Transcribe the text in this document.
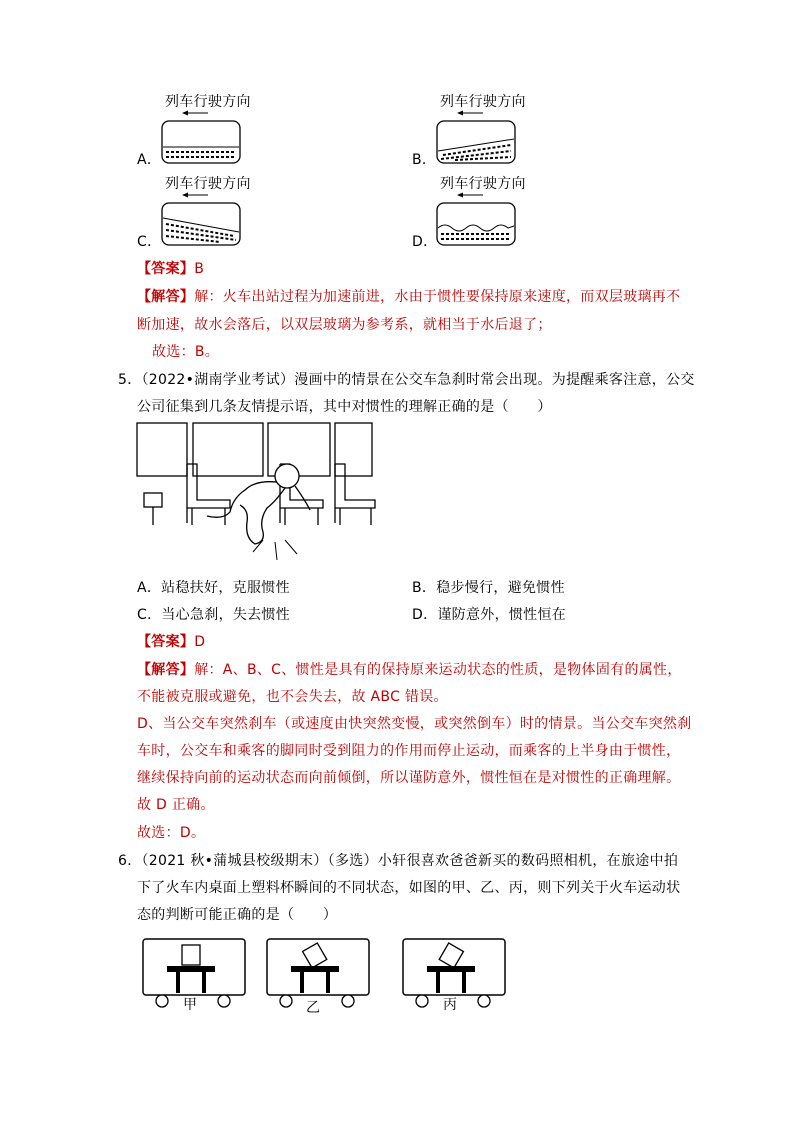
A．
列车行驶方向
B．
列车行驶方向
C．
列车行驶方向
D．
列车行驶方向
【答案】B
【解答】解：火车出站过程为加速前进，水由于惯性要保持原来速度，而双层玻璃再不
断加速，故水会落后，以双层玻璃为参考系，就相当于水后退了；
故选：B。
5．（2022•湖南学业考试）漫画中的情景在公交车急刹时常会出现。为提醒乘客注意，公交
公司征集到几条友情提示语，其中对惯性的理解正确的是（　　）
A．站稳扶好，克服惯性	B．稳步慢行，避免惯性
C．当心急刹，失去惯性	D．谨防意外，惯性恒在
【答案】D
【解答】解：A、B、C、惯性是具有的保持原来运动状态的性质，是物体固有的属性，
不能被克服或避免，也不会失去，故 ABC 错误。
D、当公交车突然刹车（或速度由快突然变慢，或突然倒车）时的情景。当公交车突然刹
车时，公交车和乘客的脚同时受到阻力的作用而停止运动，而乘客的上半身由于惯性，
继续保持向前的运动状态而向前倾倒，所以谨防意外，惯性恒在是对惯性的正确理解。
故 D 正确。
故选：D。
6．（2021 秋•蒲城县校级期末）（多选）小轩很喜欢爸爸新买的数码照相机，在旅途中拍
下了火车内桌面上塑料杯瞬间的不同状态，如图的甲、乙、丙，则下列关于火车运动状
态的判断可能正确的是（　　）
甲	乙	丙
